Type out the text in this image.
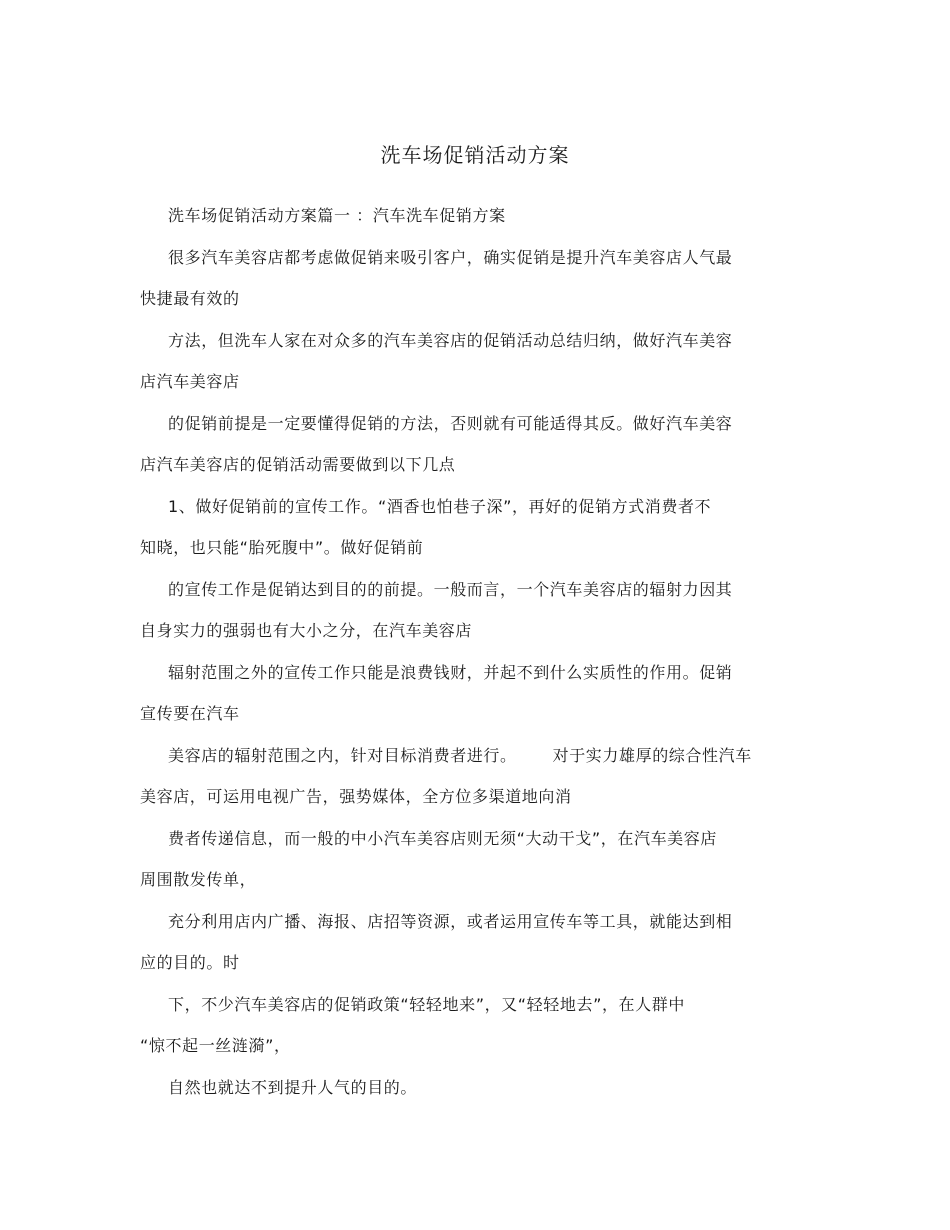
洗车场促销活动方案
洗车场促销活动方案篇一 ：汽车洗车促销方案
很多汽车美容店都考虑做促销来吸引客户，确实促销是提升汽车美容店人气最
快捷最有效的
方法，但洗车人家在对众多的汽车美容店的促销活动总结归纳，做好汽车美容
店汽车美容店
的促销前提是一定要懂得促销的方法，否则就有可能适得其反。做好汽车美容
店汽车美容店的促销活动需要做到以下几点
1、做好促销前的宣传工作。“酒香也怕巷子深”，再好的促销方式消费者不
知晓，也只能“胎死腹中”。做好促销前
的宣传工作是促销达到目的的前提。一般而言，一个汽车美容店的辐射力因其
自身实力的强弱也有大小之分，在汽车美容店
辐射范围之外的宣传工作只能是浪费钱财，并起不到什么实质性的作用。促销
宣传要在汽车
美容店的辐射范围之内，针对目标消费者进行。 对于实力雄厚的综合性汽车
美容店，可运用电视广告，强势媒体，全方位多渠道地向消
费者传递信息，而一般的中小汽车美容店则无须“大动干戈”，在汽车美容店
周围散发传单，
充分利用店内广播、海报、店招等资源，或者运用宣传车等工具，就能达到相
应的目的。时
下，不少汽车美容店的促销政策“轻轻地来”，又“轻轻地去”，在人群中
“惊不起一丝涟漪”，
自然也就达不到提升人气的目的。
